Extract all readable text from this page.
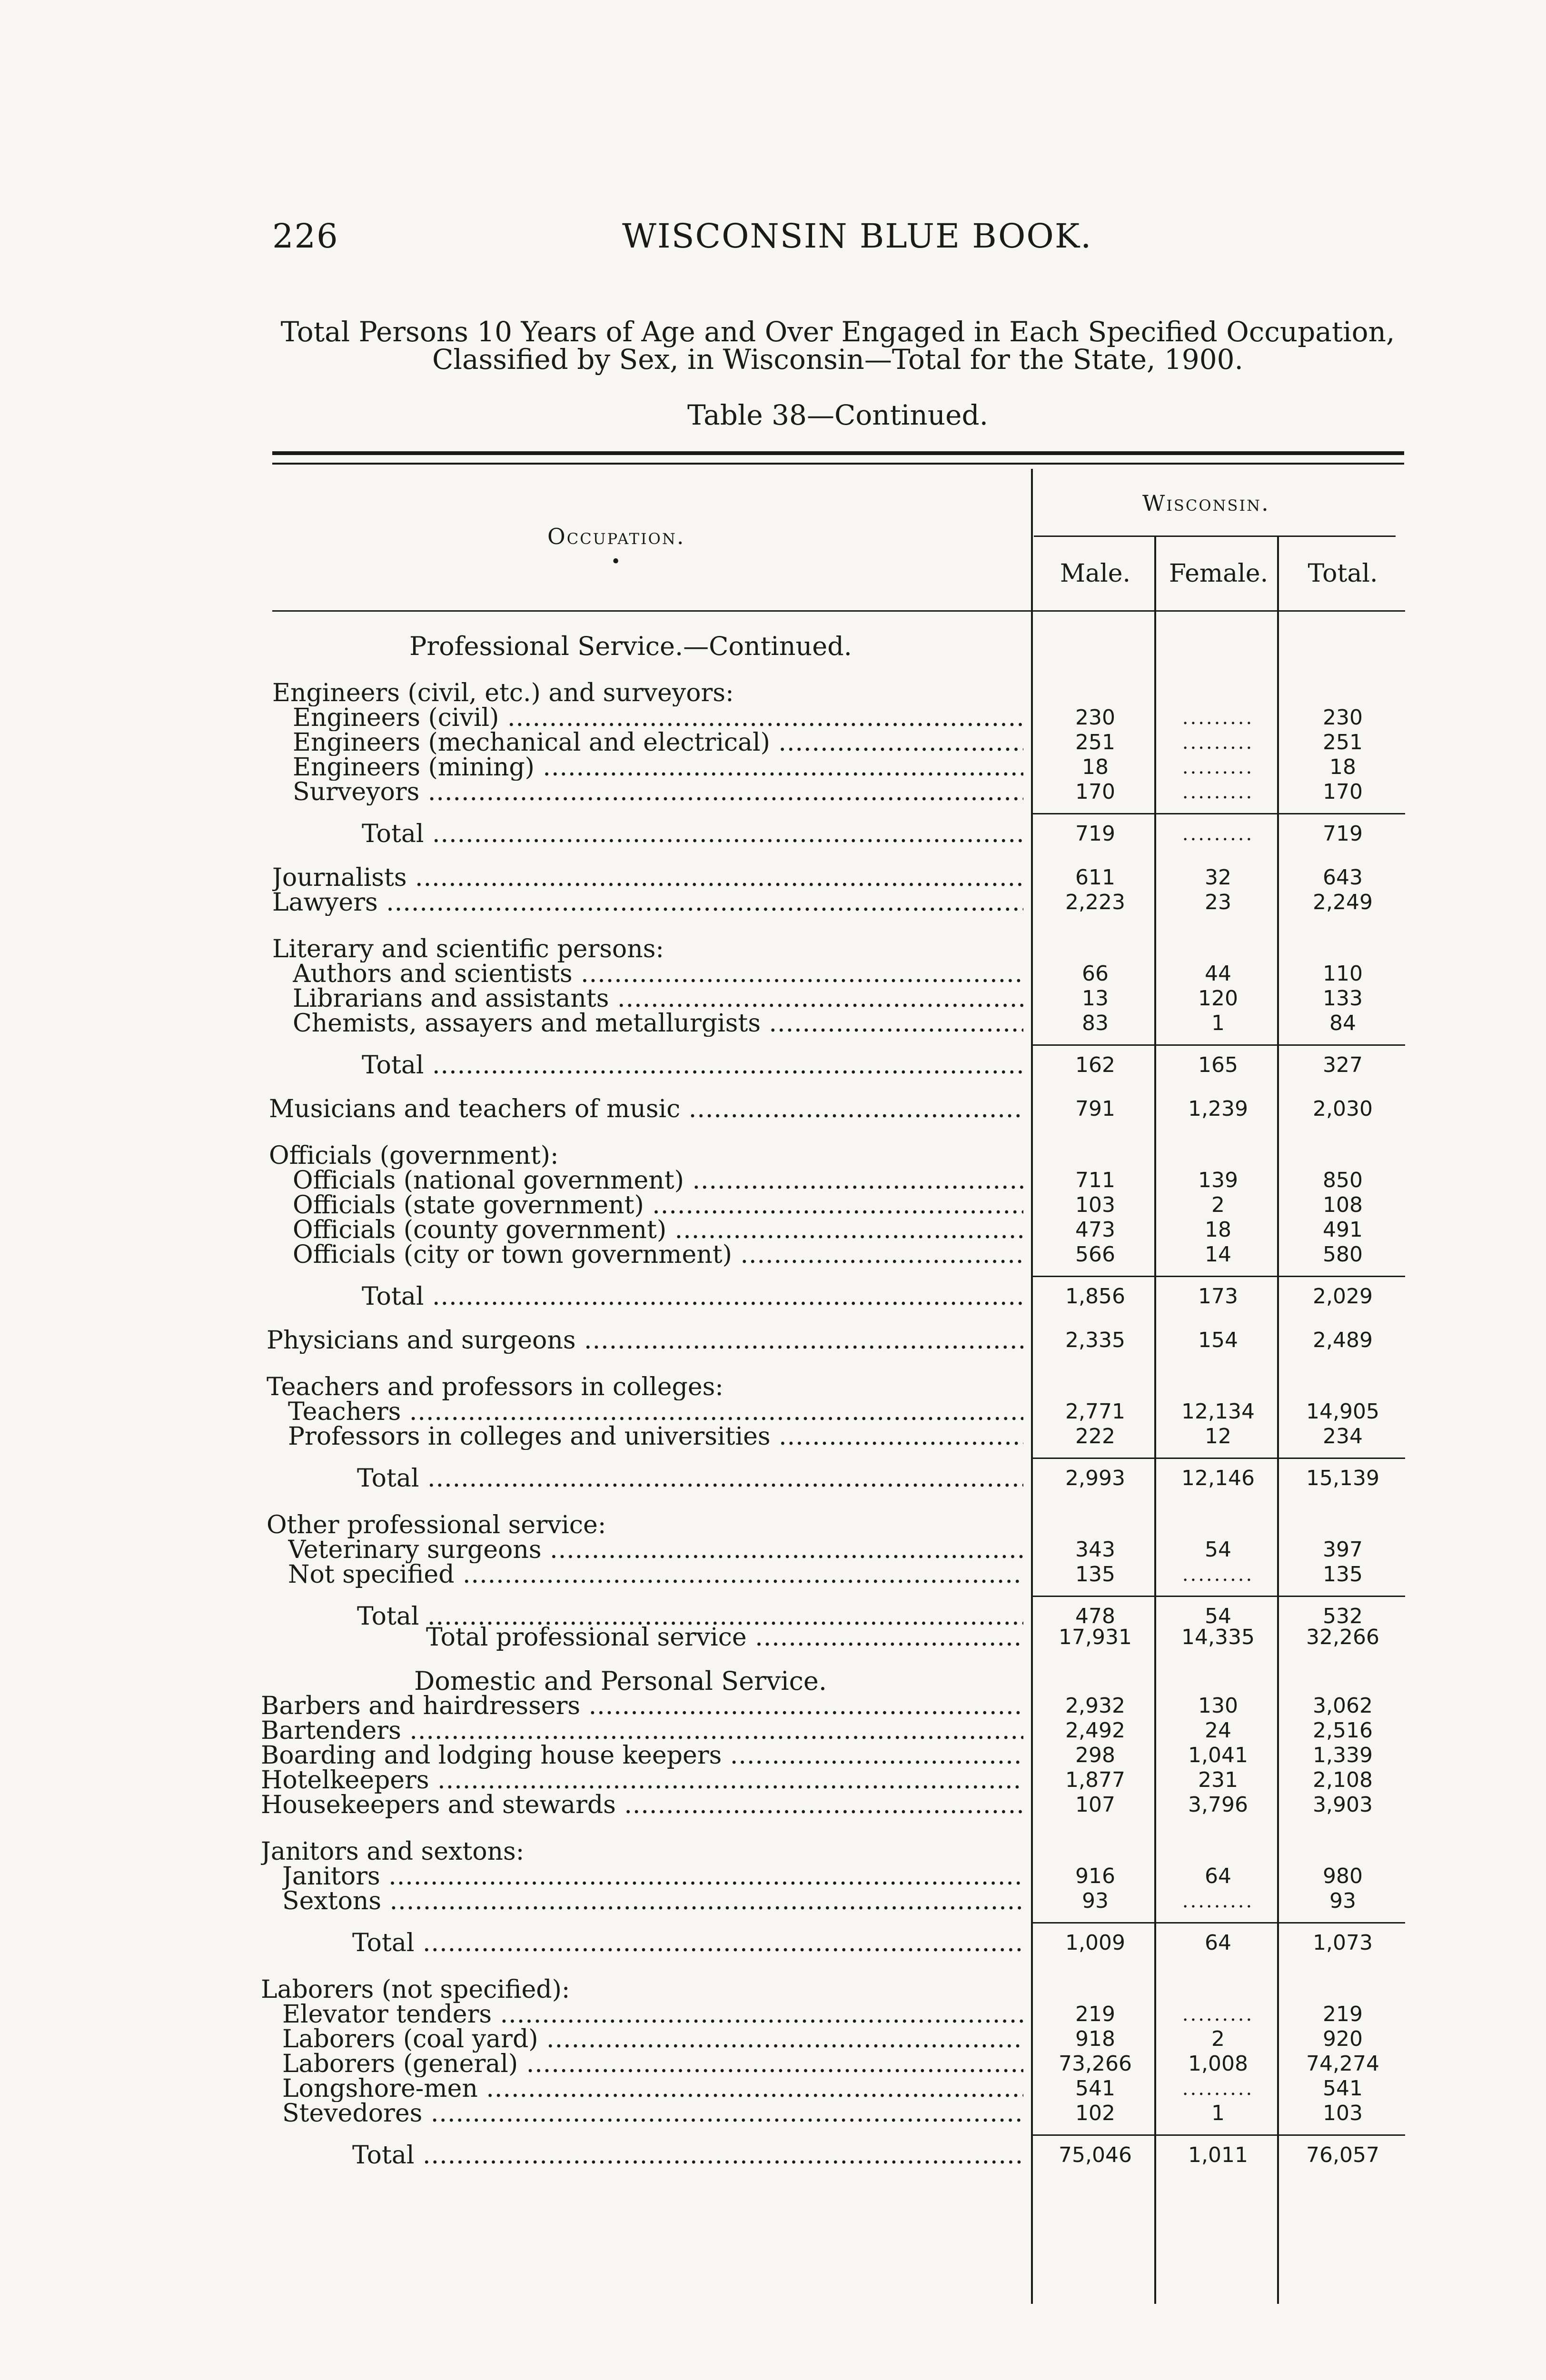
226	WISCONSIN BLUE BOOK.
Total Persons 10 Years of Age and Over Engaged in Each Specified Occupation,
Classified by Sex, in Wisconsin—Total for the State, 1900.
Table 38—Continued.
Occupation.
•
Wisconsin.
Male.	Female.	Total.
Professional Service.—Continued.
Engineers (civil, etc.) and surveyors:
Engineers (civil) .....	230	.........	230
Engineers (mechanical and electrical) .....	251	.........	251
Engineers (mining) .....	18	.........	18
Surveyors .....	170	.........	170
Total .....	719	.........	719
Journalists .....	611	32	643
Lawyers .....	2,223	23	2,249
Literary and scientific persons:
Authors and scientists .....	66	44	110
Librarians and assistants .....	13	120	133
Chemists, assayers and metallurgists .....	83	1	84
Total .....	162	165	327
Musicians and teachers of music .....	791	1,239	2,030
Officials (government):
Officials (national government) .....	711	139	850
Officials (state government) .....	103	2	108
Officials (county government) .....	473	18	491
Officials (city or town government) .....	566	14	580
Total .....	1,856	173	2,029
Physicians and surgeons .....	2,335	154	2,489
Teachers and professors in colleges:
Teachers .....	2,771	12,134	14,905
Professors in colleges and universities .....	222	12	234
Total .....	2,993	12,146	15,139
Other professional service:
Veterinary surgeons .....	343	54	397
Not specified .....	135	.........	135
Total .....	478	54	532
Total professional service .....	17,931	14,335	32,266
Domestic and Personal Service.
Barbers and hairdressers .....	2,932	130	3,062
Bartenders .....	2,492	24	2,516
Boarding and lodging house keepers .....	298	1,041	1,339
Hotelkeepers .....	1,877	231	2,108
Housekeepers and stewards .....	107	3,796	3,903
Janitors and sextons:
Janitors .....	916	64	980
Sextons .....	93	.........	93
Total .....	1,009	64	1,073
Laborers (not specified):
Elevator tenders .....	219	.........	219
Laborers (coal yard) .....	918	2	920
Laborers (general) .....	73,266	1,008	74,274
Longshore-men .....	541	.........	541
Stevedores .....	102	1	103
Total .....	75,046	1,011	76,057
